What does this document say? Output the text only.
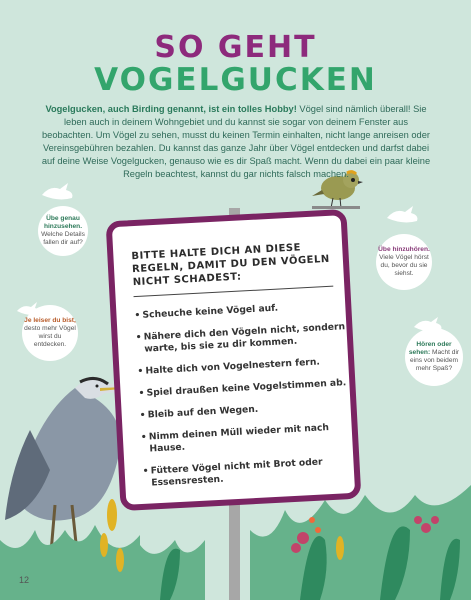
SO GEHT
VOGELGUCKEN
Vogelgucken, auch Birding genannt, ist ein tolles Hobby! Vögel sind nämlich überall! Sie leben auch in deinem Wohngebiet und du kannst sie sogar von deinem Fenster aus beobachten. Um Vögel zu sehen, musst du keinen Termin einhalten, nicht lange anreisen oder Vereinsgebühren bezahlen. Du kannst das ganze Jahr über Vögel entdecken und darfst dabei auf deine Weise Vogelgucken, genauso wie es dir Spaß macht. Wenn du dabei ein paar kleine Regeln beachtest, kannst du gar nichts falsch machen.
Übe genau hinzusehen. Welche Details fallen dir auf?
Je leiser du bist, desto mehr Vögel wirst du entdecken.
Übe hinzuhören. Viele Vögel hörst du, bevor du sie siehst.
Hören oder sehen: Macht dir eins von beidem mehr Spaß?
BITTE HALTE DICH AN DIESE REGELN, DAMIT DU DEN VÖGELN NICHT SCHADEST:
• Scheuche keine Vögel auf.
• Nähere dich den Vögeln nicht, sondern warte, bis sie zu dir kommen.
• Halte dich von Vogelnestern fern.
• Spiel draußen keine Vogelstimmen ab.
• Bleib auf den Wegen.
• Nimm deinen Müll wieder mit nach Hause.
• Füttere Vögel nicht mit Brot oder Essensresten.
12
